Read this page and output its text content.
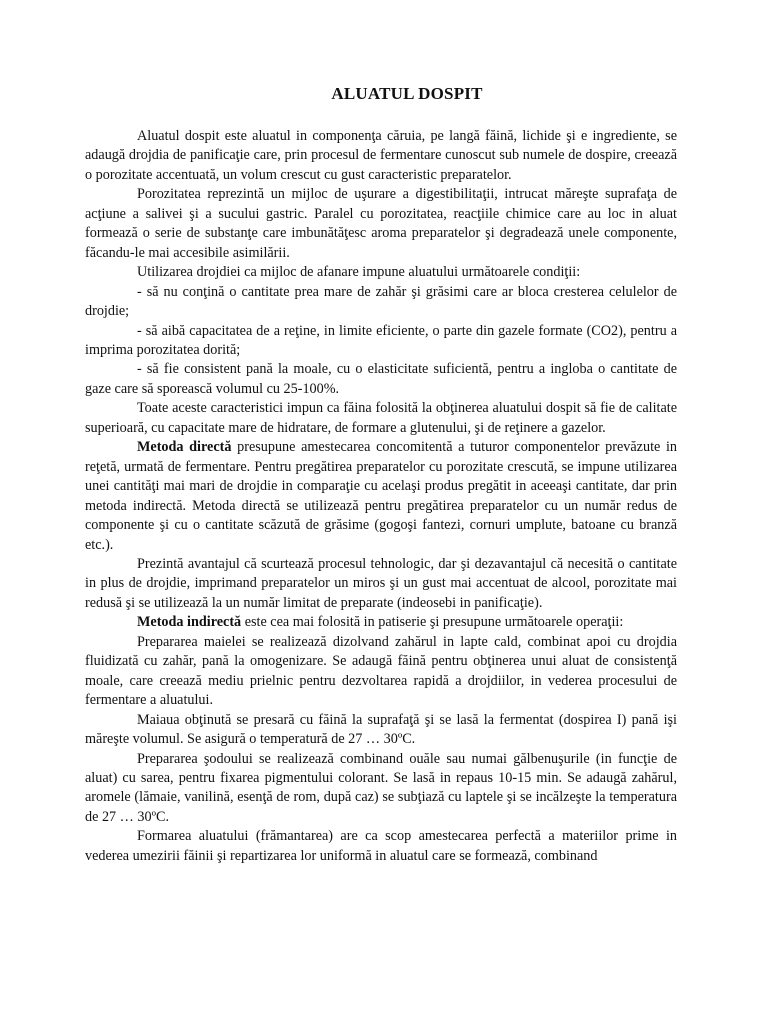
ALUATUL DOSPIT

Aluatul dospit este aluatul in componenţa căruia, pe langă făină, lichide şi e ingrediente, se adaugă drojdia de panificaţie care, prin procesul de fermentare cunoscut sub numele de dospire, creează o porozitate accentuată, un volum crescut cu gust caracteristic preparatelor.

Porozitatea reprezintă un mijloc de uşurare a digestibilitaţii, intrucat măreşte suprafaţa de acţiune a salivei şi a sucului gastric. Paralel cu porozitatea, reacţiile chimice care au loc in aluat formează o serie de substanţe care imbunătăţesc aroma preparatelor şi degradează unele componente, făcandu-le mai accesibile asimilării.

Utilizarea drojdiei ca mijloc de afanare impune aluatului următoarele condiţii:

- să nu conţină o cantitate prea mare de zahăr şi grăsimi care ar bloca cresterea celulelor de drojdie;

- să aibă capacitatea de a reţine, in limite eficiente, o parte din gazele formate (CO2), pentru a imprima porozitatea dorită;

- să fie consistent pană la moale, cu o elasticitate suficientă, pentru a ingloba o cantitate de gaze care să sporească volumul cu 25-100%.

Toate aceste caracteristici impun ca făina folosită la obţinerea aluatului dospit să fie de calitate superioară, cu capacitate mare de hidratare, de formare a glutenului, şi de reţinere a gazelor.

Metoda directă presupune amestecarea concomitentă a tuturor componentelor prevăzute in reţetă, urmată de fermentare. Pentru pregătirea preparatelor cu porozitate crescută, se impune utilizarea unei cantităţi mai mari de drojdie in comparaţie cu acelaşi produs pregătit in aceeaşi cantitate, dar prin metoda indirectă. Metoda directă se utilizează pentru pregătirea preparatelor cu un număr redus de componente şi cu o cantitate scăzută de grăsime (gogoşi fantezi, cornuri umplute, batoane cu branză etc.).

Prezintă avantajul că scurtează procesul tehnologic, dar şi dezavantajul că necesită o cantitate in plus de drojdie, imprimand preparatelor un miros şi un gust mai accentuat de alcool, porozitate mai redusă şi se utilizează la un număr limitat de preparate (indeosebi in panificaţie).

Metoda indirectă este cea mai folosită in patiserie şi presupune următoarele operaţii:

Prepararea maielei se realizează dizolvand zahărul in lapte cald, combinat apoi cu drojdia fluidizată cu zahăr, pană la omogenizare. Se adaugă făină pentru obţinerea unui aluat de consistenţă moale, care creează mediu prielnic pentru dezvoltarea rapidă a drojdiilor, in vederea procesului de fermentare a aluatului.

Maiaua obţinută se presară cu făină la suprafaţă şi se lasă la fermentat (dospirea I) pană işi măreşte volumul. Se asigură o temperatură de 27 … 30ºC.

Prepararea şodoului se realizează combinand ouăle sau numai gălbenuşurile (in funcţie de aluat) cu sarea, pentru fixarea pigmentului colorant. Se lasă in repaus 10-15 min. Se adaugă zahărul, aromele (lămaie, vanilină, esenţă de rom, după caz) se subţiază cu laptele şi se incălzeşte la temperatura de 27 … 30ºC.

Formarea aluatului (frămantarea) are ca scop amestecarea perfectă a materiilor prime in vederea umezirii făinii şi repartizarea lor uniformă in aluatul care se formează, combinand
